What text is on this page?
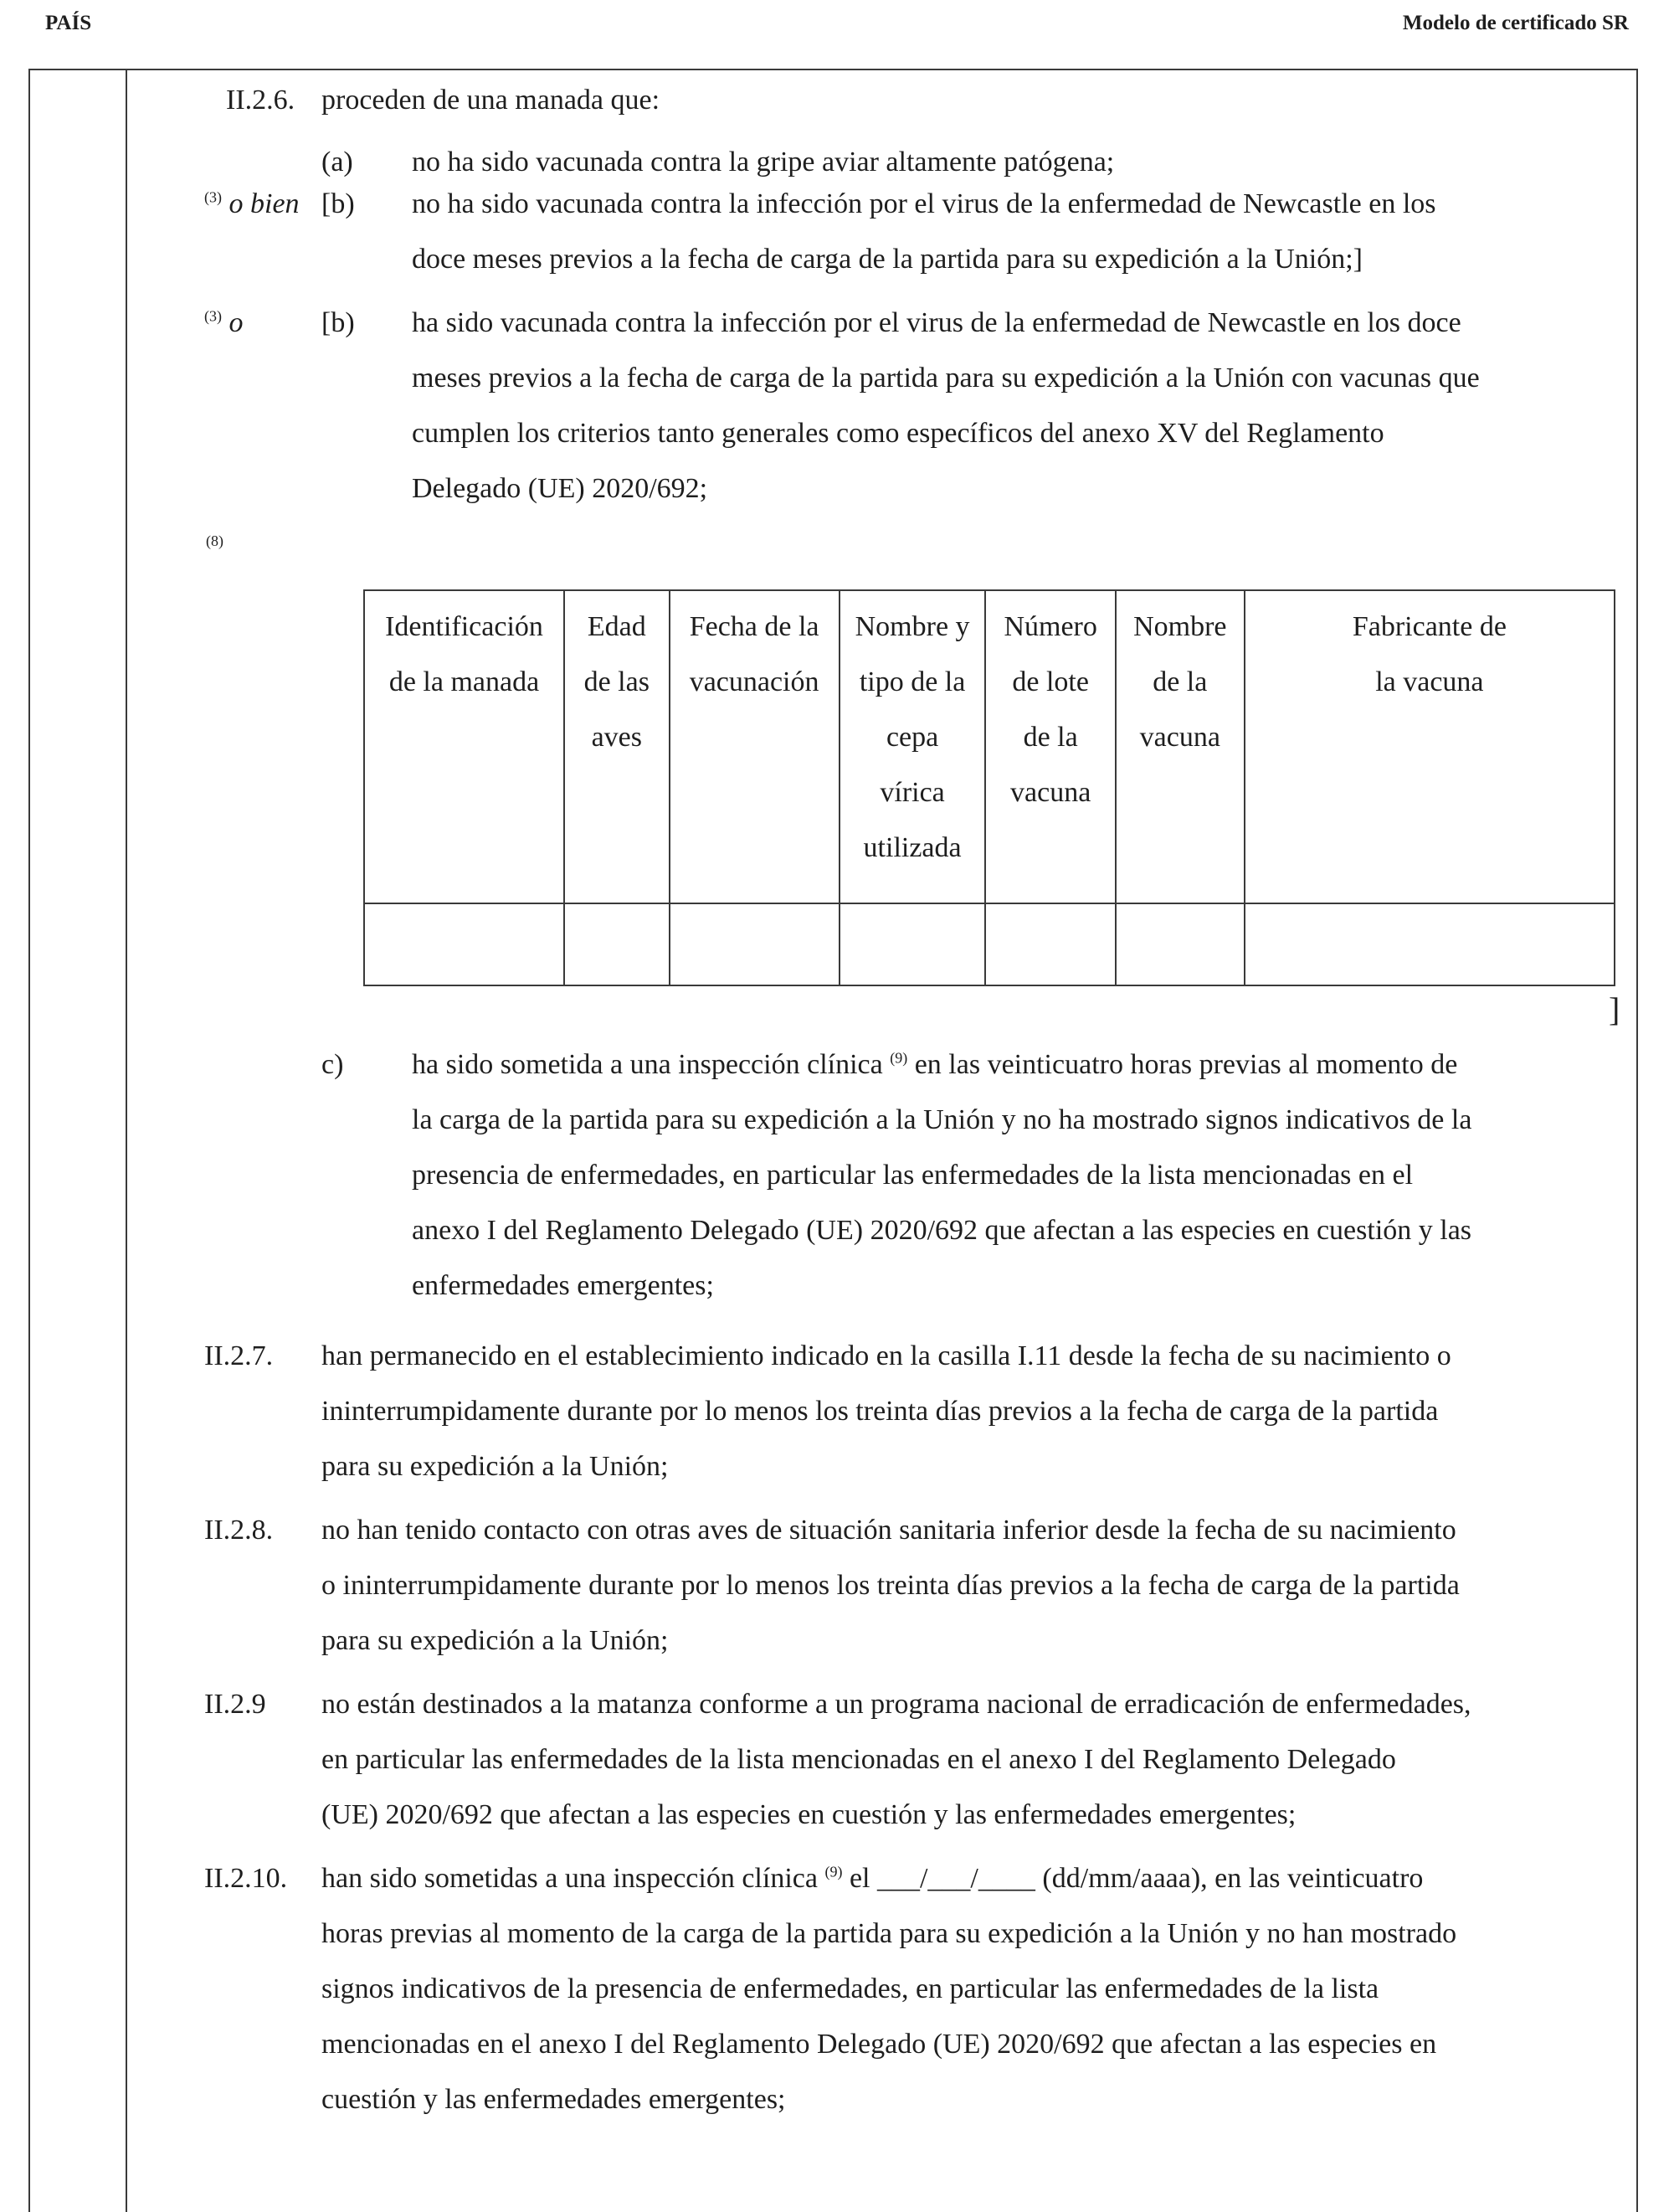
PAÍS	Modelo de certificado SR
II.2.6. proceden de una manada que:
(a) no ha sido vacunada contra la gripe aviar altamente patógena;
$^{(3)}$ o bien [b) no ha sido vacunada contra la infección por el virus de la enfermedad de Newcastle en los
doce meses previos a la fecha de carga de la partida para su expedición a la Unión;]
$^{(3)}$ o	[b) ha sido vacunada contra la infección por el virus de la enfermedad de Newcastle en los doce
meses previos a la fecha de carga de la partida para su expedición a la Unión con vacunas que
cumplen los criterios tanto generales como específicos del anexo XV del Reglamento
Delegado (UE) 2020/692;
(8)
Identificación
de la manada	Edad
de las
aves	Fecha de la
vacunación	Nombre y
tipo de la
cepa
vírica
utilizada	Número
de lote
de la
vacuna	Nombre
de la
vacuna	Fabricante de
la vacuna

]
c) ha sido sometida a una inspección clínica $^{(9)}$ en las veinticuatro horas previas al momento de
la carga de la partida para su expedición a la Unión y no ha mostrado signos indicativos de la
presencia de enfermedades, en particular las enfermedades de la lista mencionadas en el
anexo I del Reglamento Delegado (UE) 2020/692 que afectan a las especies en cuestión y las
enfermedades emergentes;
II.2.7. han permanecido en el establecimiento indicado en la casilla I.11 desde la fecha de su nacimiento o
ininterrumpidamente durante por lo menos los treinta días previos a la fecha de carga de la partida
para su expedición a la Unión;
II.2.8. no han tenido contacto con otras aves de situación sanitaria inferior desde la fecha de su nacimiento
o ininterrumpidamente durante por lo menos los treinta días previos a la fecha de carga de la partida
para su expedición a la Unión;
II.2.9 no están destinados a la matanza conforme a un programa nacional de erradicación de enfermedades,
en particular las enfermedades de la lista mencionadas en el anexo I del Reglamento Delegado
(UE) 2020/692 que afectan a las especies en cuestión y las enfermedades emergentes;
II.2.10. han sido sometidas a una inspección clínica $^{(9)}$ el ___/___/____ (dd/mm/aaaa), en las veinticuatro
horas previas al momento de la carga de la partida para su expedición a la Unión y no han mostrado
signos indicativos de la presencia de enfermedades, en particular las enfermedades de la lista
mencionadas en el anexo I del Reglamento Delegado (UE) 2020/692 que afectan a las especies en
cuestión y las enfermedades emergentes;
